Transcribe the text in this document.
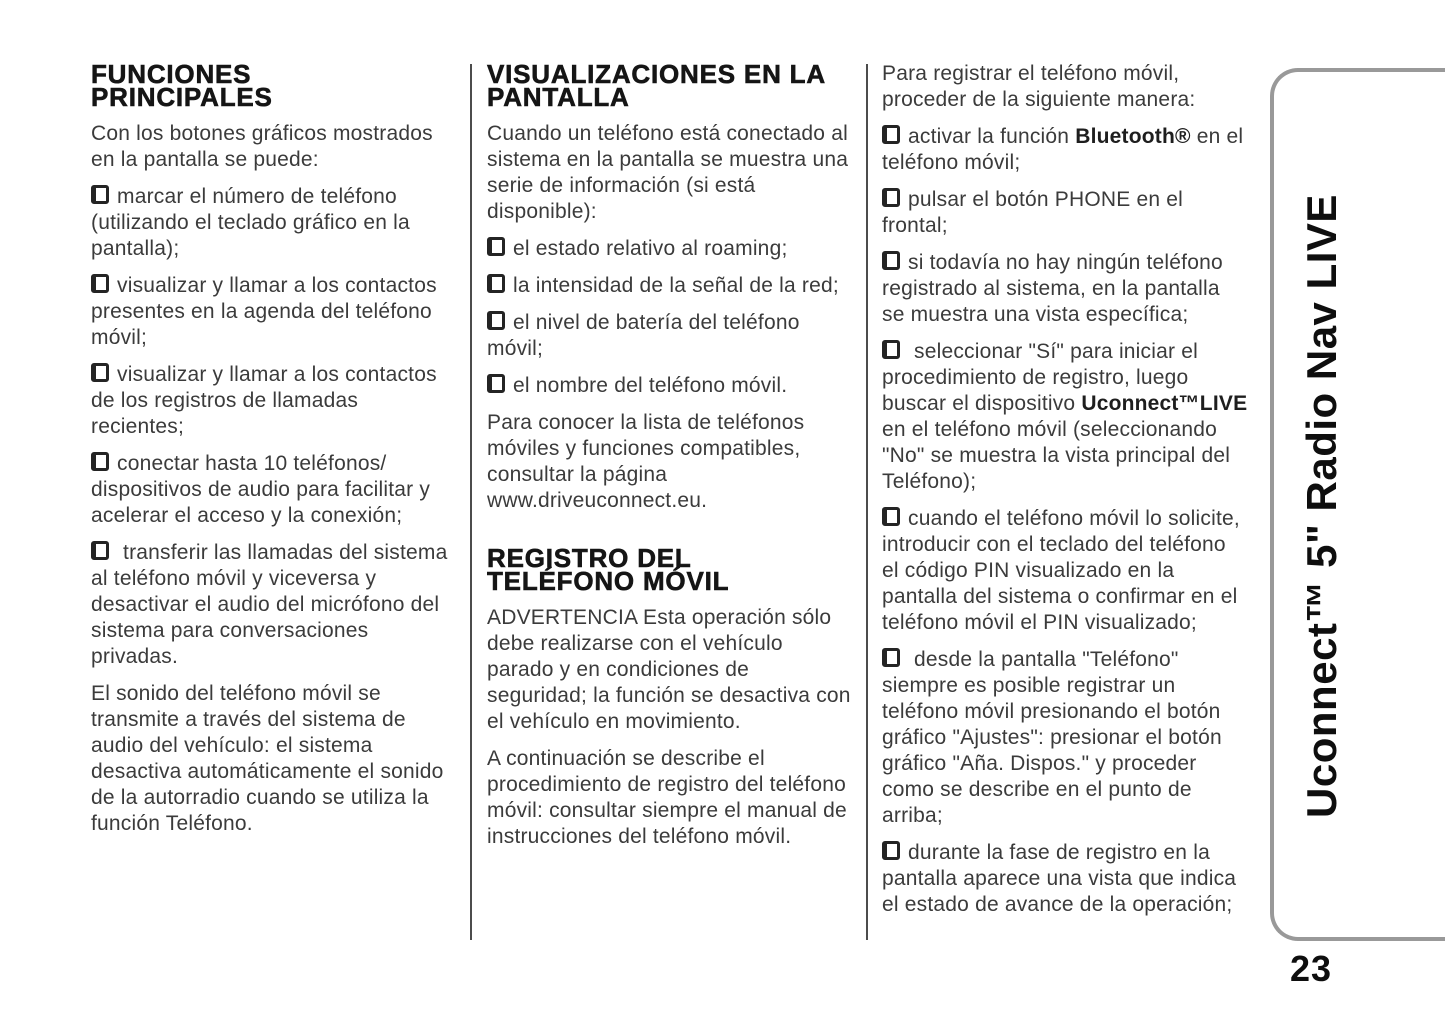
FUNCIONES
PRINCIPALES

Con los botones gráficos mostrados en la pantalla se puede:

marcar el número de teléfono (utilizando el teclado gráfico en la pantalla);

visualizar y llamar a los contactos presentes en la agenda del teléfono móvil;

visualizar y llamar a los contactos de los registros de llamadas recientes;

conectar hasta 10 teléfonos/ dispositivos de audio para facilitar y acelerar el acceso y la conexión;

transferir las llamadas del sistema al teléfono móvil y viceversa y desactivar el audio del micrófono del sistema para conversaciones privadas.

El sonido del teléfono móvil se transmite a través del sistema de audio del vehículo: el sistema desactiva automáticamente el sonido de la autorradio cuando se utiliza la función Teléfono.

VISUALIZACIONES EN LA
PANTALLA

Cuando un teléfono está conectado al sistema en la pantalla se muestra una serie de información (si está disponible):

el estado relativo al roaming;

la intensidad de la señal de la red;

el nivel de batería del teléfono móvil;

el nombre del teléfono móvil.

Para conocer la lista de teléfonos móviles y funciones compatibles, consultar la página www.driveuconnect.eu.

REGISTRO DEL
TELÉFONO MÓVIL

ADVERTENCIA Esta operación sólo debe realizarse con el vehículo parado y en condiciones de seguridad; la función se desactiva con el vehículo en movimiento.

A continuación se describe el procedimiento de registro del teléfono móvil: consultar siempre el manual de instrucciones del teléfono móvil.

Para registrar el teléfono móvil, proceder de la siguiente manera:

activar la función Bluetooth® en el teléfono móvil;

pulsar el botón PHONE en el frontal;

si todavía no hay ningún teléfono registrado al sistema, en la pantalla se muestra una vista específica;

seleccionar "Sí" para iniciar el procedimiento de registro, luego buscar el dispositivo Uconnect™LIVE en el teléfono móvil (seleccionando "No" se muestra la vista principal del Teléfono);

cuando el teléfono móvil lo solicite, introducir con el teclado del teléfono el código PIN visualizado en la pantalla del sistema o confirmar en el teléfono móvil el PIN visualizado;

desde la pantalla "Teléfono" siempre es posible registrar un teléfono móvil presionando el botón gráfico "Ajustes": presionar el botón gráfico "Aña. Dispos." y proceder como se describe en el punto de arriba;

durante la fase de registro en la pantalla aparece una vista que indica el estado de avance de la operación;

Uconnect™ 5" Radio Nav LIVE
23
